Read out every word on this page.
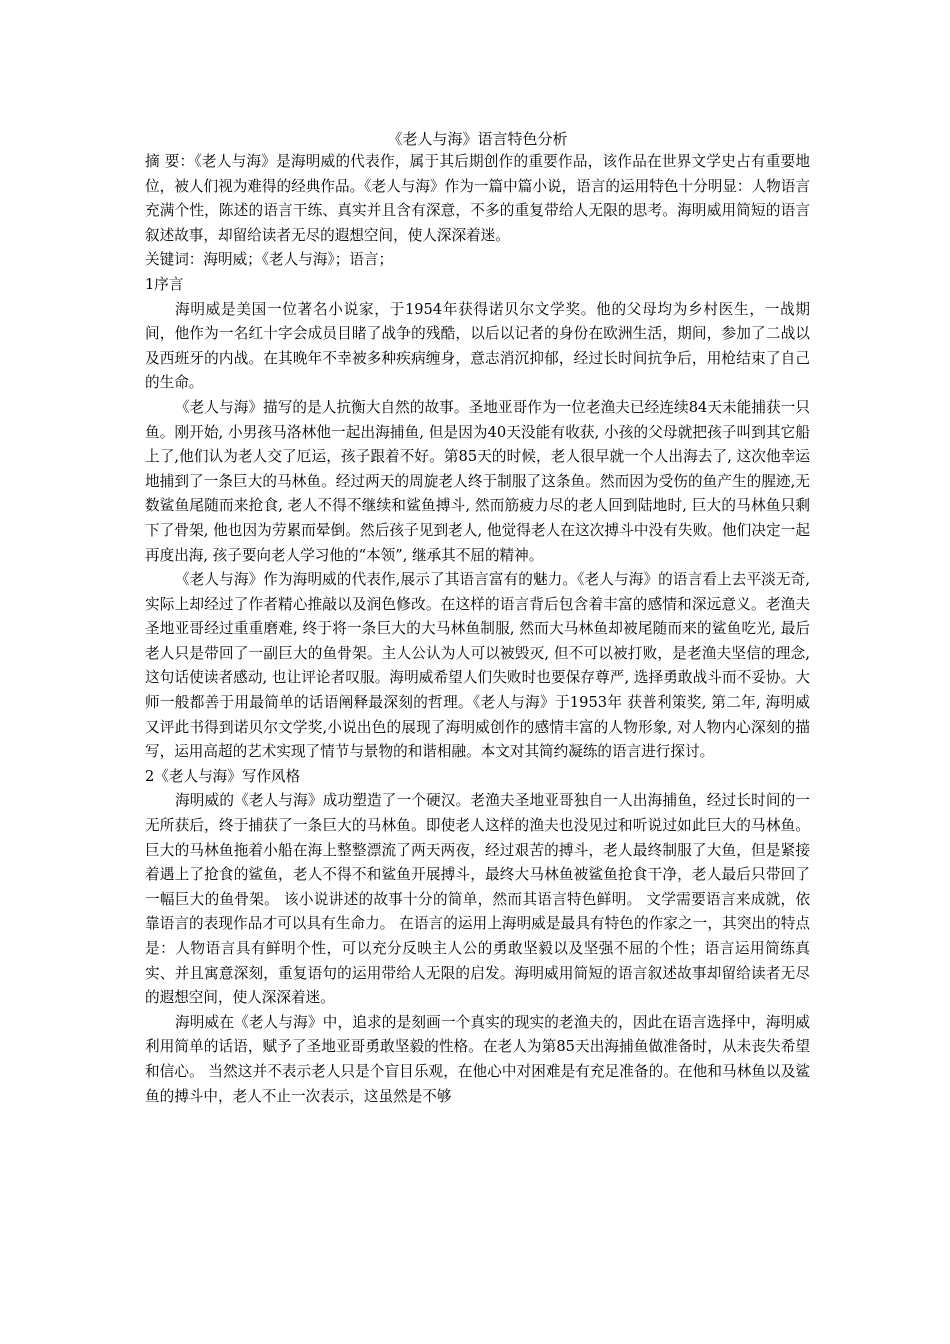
《老人与海》语言特色分析

摘 要：《老人与海》是海明威的代表作，属于其后期创作的重要作品，该作品在世界文学史占有重要地位，被人们视为难得的经典作品。《老人与海》作为一篇中篇小说，语言的运用特色十分明显：人物语言充满个性，陈述的语言干练、真实并且含有深意，不多的重复带给人无限的思考。海明威用简短的语言叙述故事，却留给读者无尽的遐想空间，使人深深着迷。

关键词：海明威；《老人与海》；语言；

1序言

海明威是美国一位著名小说家，于1954年获得诺贝尔文学奖。他的父母均为乡村医生，一战期间，他作为一名红十字会成员目睹了战争的残酷，以后以记者的身份在欧洲生活，期间，参加了二战以及西班牙的内战。在其晚年不幸被多种疾病缠身，意志消沉抑郁，经过长时间抗争后，用枪结束了自己的生命。

《老人与海》描写的是人抗衡大自然的故事。圣地亚哥作为一位老渔夫已经连续84天未能捕获一只鱼。刚开始, 小男孩马洛林他一起出海捕鱼, 但是因为40天没能有收获, 小孩的父母就把孩子叫到其它船上了,他们认为老人交了厄运，孩子跟着不好。第85天的时候，老人很早就一个人出海去了, 这次他幸运地捕到了一条巨大的马林鱼。经过两天的周旋老人终于制服了这条鱼。然而因为受伤的鱼产生的腥迹,无数鲨鱼尾随而来抢食, 老人不得不继续和鲨鱼搏斗, 然而筋疲力尽的老人回到陆地时, 巨大的马林鱼只剩下了骨架, 他也因为劳累而晕倒。然后孩子见到老人, 他觉得老人在这次搏斗中没有失败。他们决定一起再度出海, 孩子要向老人学习他的“本领”, 继承其不屈的精神。

《老人与海》作为海明威的代表作,展示了其语言富有的魅力。《老人与海》的语言看上去平淡无奇, 实际上却经过了作者精心推敲以及润色修改。在这样的语言背后包含着丰富的感情和深远意义。老渔夫圣地亚哥经过重重磨难, 终于将一条巨大的大马林鱼制服, 然而大马林鱼却被尾随而来的鲨鱼吃光, 最后老人只是带回了一副巨大的鱼骨架。主人公认为人可以被毁灭, 但不可以被打败，是老渔夫坚信的理念, 这句话使读者感动, 也让评论者叹服。海明威希望人们失败时也要保存尊严, 选择勇敢战斗而不妥协。大师一般都善于用最简单的话语阐释最深刻的哲理。《老人与海》于1953年 获普利策奖, 第二年, 海明威又评此书得到诺贝尔文学奖,小说出色的展现了海明威创作的感情丰富的人物形象, 对人物内心深刻的描写，运用高超的艺术实现了情节与景物的和谐相融。本文对其简约凝练的语言进行探讨。

2《老人与海》写作风格

海明威的《老人与海》成功塑造了一个硬汉。老渔夫圣地亚哥独自一人出海捕鱼，经过长时间的一无所获后，终于捕获了一条巨大的马林鱼。即使老人这样的渔夫也没见过和听说过如此巨大的马林鱼。 巨大的马林鱼拖着小船在海上整整漂流了两天两夜，经过艰苦的搏斗，老人最终制服了大鱼，但是紧接着遇上了抢食的鲨鱼，老人不得不和鲨鱼开展搏斗，最终大马林鱼被鲨鱼抢食干净，老人最后只带回了一幅巨大的鱼骨架。 该小说讲述的故事十分的简单，然而其语言特色鲜明。 文学需要语言来成就，依靠语言的表现作品才可以具有生命力。 在语言的运用上海明威是最具有特色的作家之一，其突出的特点是：人物语言具有鲜明个性，可以充分反映主人公的勇敢坚毅以及坚强不屈的个性；语言运用简练真实、并且寓意深刻，重复语句的运用带给人无限的启发。海明威用简短的语言叙述故事却留给读者无尽的遐想空间，使人深深着迷。

海明威在《老人与海》中，追求的是刻画一个真实的现实的老渔夫的，因此在语言选择中，海明威利用简单的话语，赋予了圣地亚哥勇敢坚毅的性格。在老人为第85天出海捕鱼做准备时，从未丧失希望和信心。 当然这并不表示老人只是个盲目乐观，在他心中对困难是有充足准备的。在他和马林鱼以及鲨鱼的搏斗中，老人不止一次表示，这虽然是不够
